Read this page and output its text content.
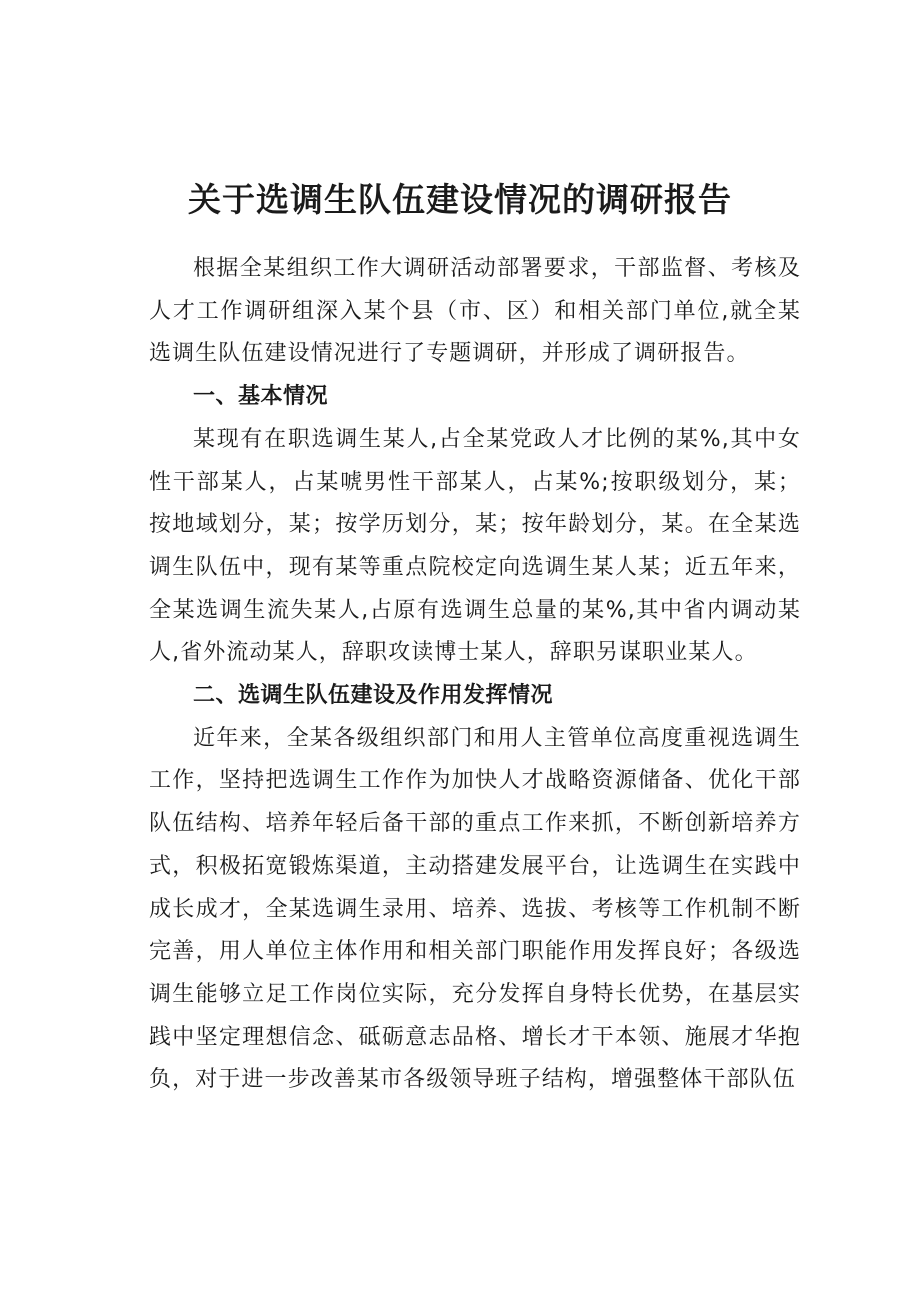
关于选调生队伍建设情况的调研报告

根据全某组织工作大调研活动部署要求，干部监督、考核及人才工作调研组深入某个县（市、区）和相关部门单位,就全某选调生队伍建设情况进行了专题调研，并形成了调研报告。

一、基本情况

某现有在职选调生某人,占全某党政人才比例的某%,其中女性干部某人，占某唬男性干部某人，占某%;按职级划分，某；按地域划分，某；按学历划分，某；按年龄划分，某。在全某选调生队伍中，现有某等重点院校定向选调生某人某；近五年来，全某选调生流失某人,占原有选调生总量的某%,其中省内调动某人,省外流动某人，辞职攻读博士某人，辞职另谋职业某人。

二、选调生队伍建设及作用发挥情况

近年来，全某各级组织部门和用人主管单位高度重视选调生工作，坚持把选调生工作作为加快人才战略资源储备、优化干部队伍结构、培养年轻后备干部的重点工作来抓，不断创新培养方式，积极拓宽锻炼渠道，主动搭建发展平台，让选调生在实践中成长成才，全某选调生录用、培养、选拔、考核等工作机制不断完善，用人单位主体作用和相关部门职能作用发挥良好；各级选调生能够立足工作岗位实际，充分发挥自身特长优势，在基层实践中坚定理想信念、砥砺意志品格、增长才干本领、施展才华抱负，对于进一步改善某市各级领导班子结构，增强整体干部队伍
